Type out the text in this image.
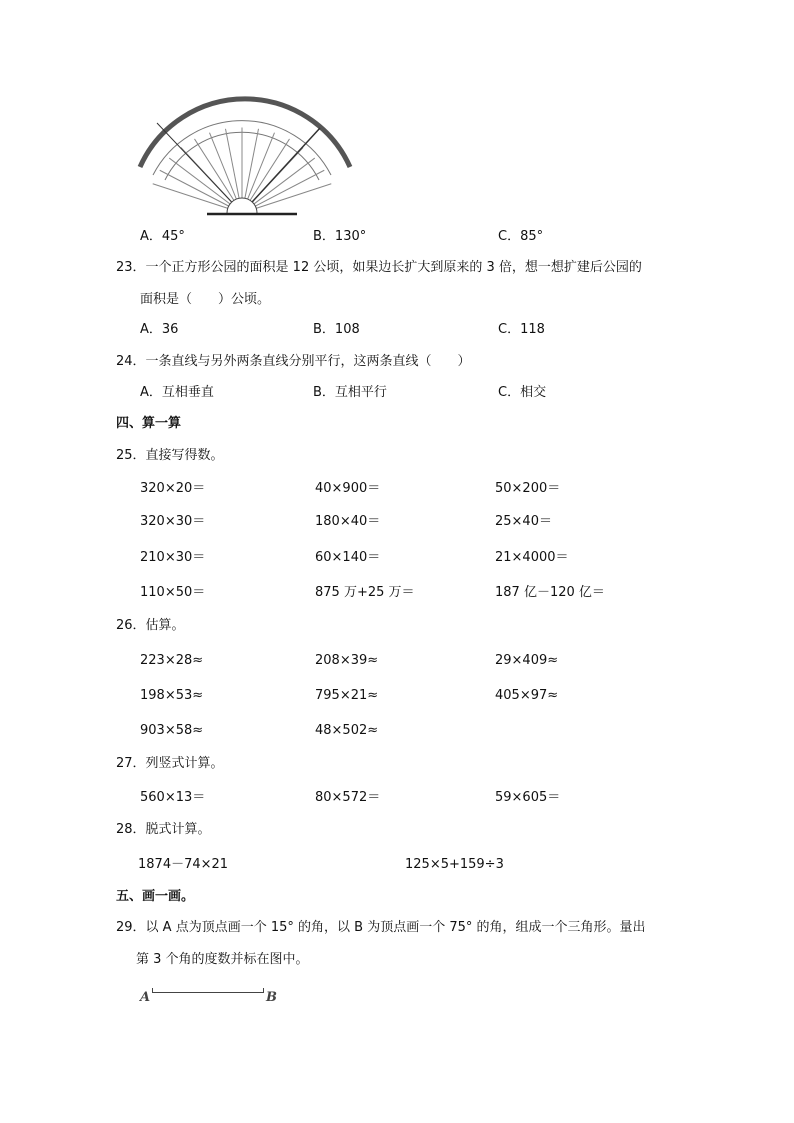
A．45°	B．130°	C．85°
23．一个正方形公园的面积是 12 公顷，如果边长扩大到原来的 3 倍，想一想扩建后公园的
面积是（　　）公顷。
A．36	B．108	C．118
24．一条直线与另外两条直线分别平行，这两条直线（　　）
A．互相垂直	B．互相平行	C．相交
四、算一算
25．直接写得数。
320×20＝	40×900＝	50×200＝
320×30＝	180×40＝	25×40＝
210×30＝	60×140＝	21×4000＝
110×50＝	875 万+25 万＝	187 亿－120 亿＝
26．估算。
223×28≈	208×39≈	29×409≈
198×53≈	795×21≈	405×97≈
903×58≈	48×502≈
27．列竖式计算。
560×13＝	80×572＝	59×605＝
28．脱式计算。
1874－74×21	125×5+159÷3
五、画一画。
29．以 A 点为顶点画一个 15° 的角，以 B 为顶点画一个 75° 的角，组成一个三角形。量出
第 3 个角的度数并标在图中。
A	B
